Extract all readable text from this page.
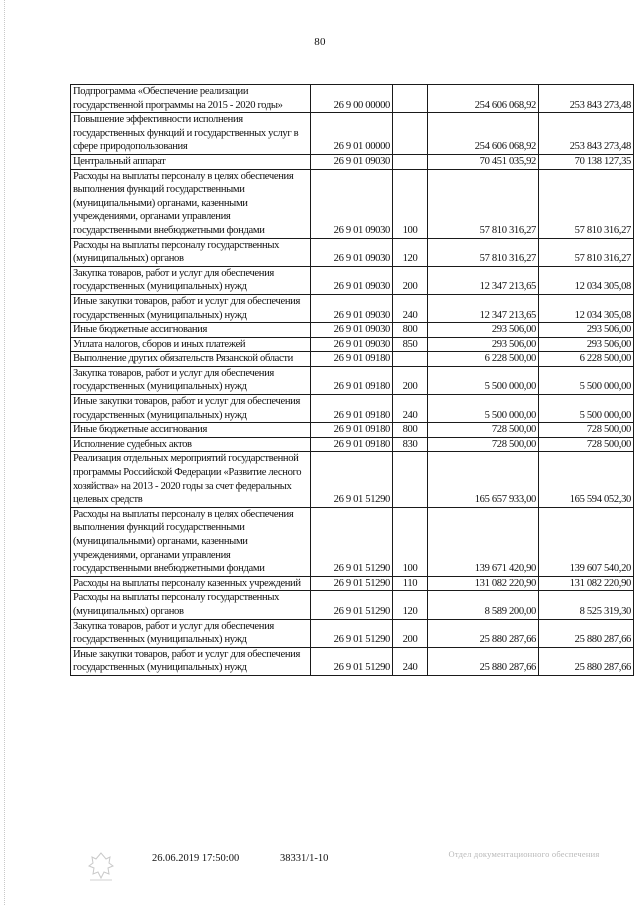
80
Подпрограмма «Обеспечение реализации государственной программы на 2015 - 2020 годы»	26 9 00 00000		254 606 068,92	253 843 273,48
Повышение эффективности исполнения государственных функций и государственных услуг в сфере природопользования	26 9 01 00000		254 606 068,92	253 843 273,48
Центральный аппарат	26 9 01 09030		70 451 035,92	70 138 127,35
Расходы на выплаты персоналу в целях обеспечения выполнения функций государственными (муниципальными) органами, казенными учреждениями, органами управления государственными внебюджетными фондами	26 9 01 09030	100	57 810 316,27	57 810 316,27
Расходы на выплаты персоналу государственных (муниципальных) органов	26 9 01 09030	120	57 810 316,27	57 810 316,27
Закупка товаров, работ и услуг для обеспечения государственных (муниципальных) нужд	26 9 01 09030	200	12 347 213,65	12 034 305,08
Иные закупки товаров, работ и услуг для обеспечения государственных (муниципальных) нужд	26 9 01 09030	240	12 347 213,65	12 034 305,08
Иные бюджетные ассигнования	26 9 01 09030	800	293 506,00	293 506,00
Уплата налогов, сборов и иных платежей	26 9 01 09030	850	293 506,00	293 506,00
Выполнение других обязательств Рязанской области	26 9 01 09180		6 228 500,00	6 228 500,00
Закупка товаров, работ и услуг для обеспечения государственных (муниципальных) нужд	26 9 01 09180	200	5 500 000,00	5 500 000,00
Иные закупки товаров, работ и услуг для обеспечения государственных (муниципальных) нужд	26 9 01 09180	240	5 500 000,00	5 500 000,00
Иные бюджетные ассигнования	26 9 01 09180	800	728 500,00	728 500,00
Исполнение судебных актов	26 9 01 09180	830	728 500,00	728 500,00
Реализация отдельных мероприятий государственной программы Российской Федерации «Развитие лесного хозяйства» на 2013 - 2020 годы за счет федеральных целевых средств	26 9 01 51290		165 657 933,00	165 594 052,30
Расходы на выплаты персоналу в целях обеспечения выполнения функций государственными (муниципальными) органами, казенными учреждениями, органами управления государственными внебюджетными фондами	26 9 01 51290	100	139 671 420,90	139 607 540,20
Расходы на выплаты персоналу казенных учреждений	26 9 01 51290	110	131 082 220,90	131 082 220,90
Расходы на выплаты персоналу государственных (муниципальных) органов	26 9 01 51290	120	8 589 200,00	8 525 319,30
Закупка товаров, работ и услуг для обеспечения государственных (муниципальных) нужд	26 9 01 51290	200	25 880 287,66	25 880 287,66
Иные закупки товаров, работ и услуг для обеспечения государственных (муниципальных) нужд	26 9 01 51290	240	25 880 287,66	25 880 287,66
26.06.2019 17:50:00	38331/1-10	Отдел документационного обеспечения
